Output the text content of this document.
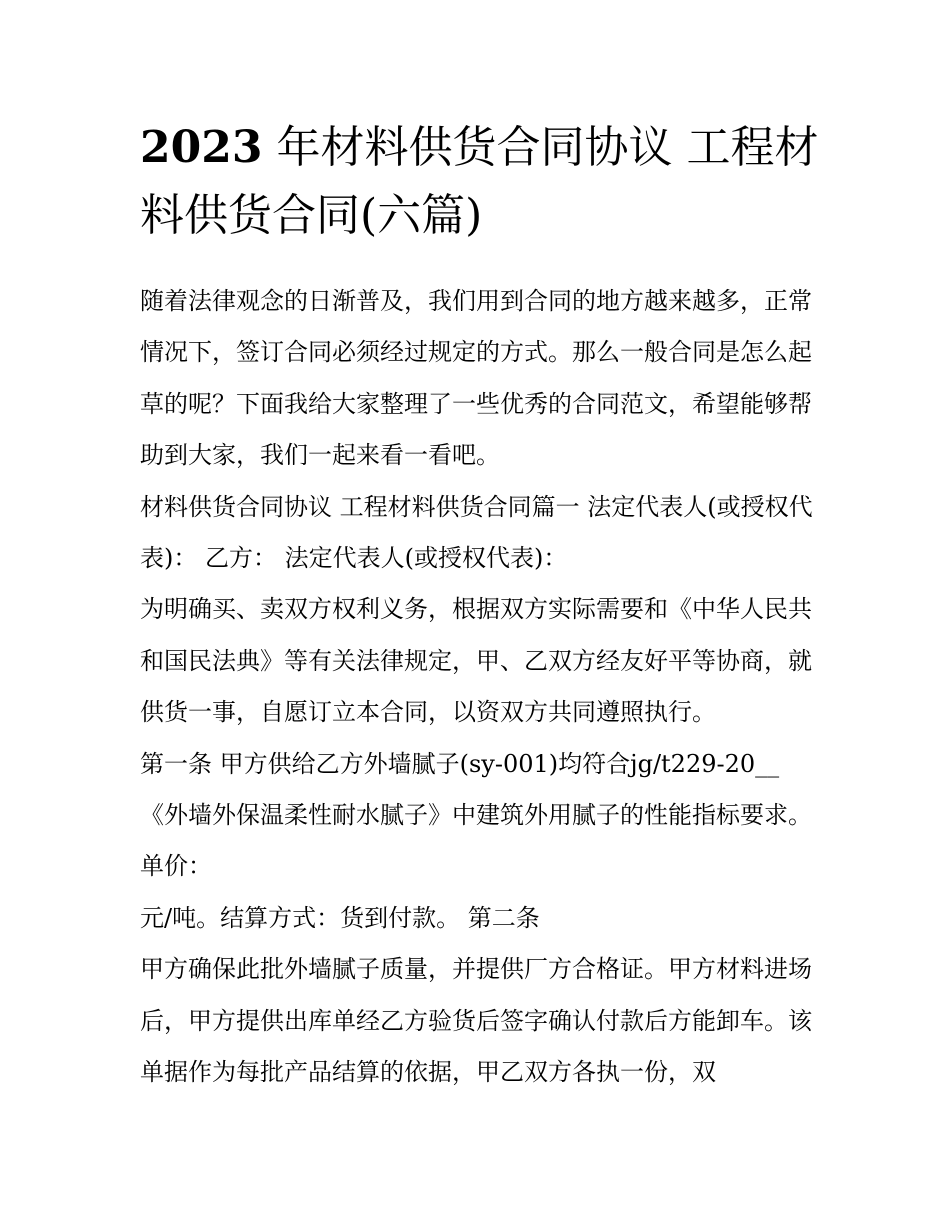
2023 年材料供货合同协议 工程材料供货合同(六篇)

随着法律观念的日渐普及，我们用到合同的地方越来越多，正常情况下，签订合同必须经过规定的方式。那么一般合同是怎么起草的呢？下面我给大家整理了一些优秀的合同范文，希望能够帮助到大家，我们一起来看一看吧。

材料供货合同协议 工程材料供货合同篇一 法定代表人(或授权代表)： 乙方： 法定代表人(或授权代表)：

为明确买、卖双方权利义务，根据双方实际需要和《中华人民共和国民法典》等有关法律规定，甲、乙双方经友好平等协商，就供货一事，自愿订立本合同，以资双方共同遵照执行。

第一条 甲方供给乙方外墙腻子(sy-001)均符合jg/t229-20__《外墙外保温柔性耐水腻子》中建筑外用腻子的性能指标要求。

单价：

元/吨。结算方式：货到付款。 第二条

甲方确保此批外墙腻子质量，并提供厂方合格证。甲方材料进场后，甲方提供出库单经乙方验货后签字确认付款后方能卸车。该单据作为每批产品结算的依据，甲乙双方各执一份，双
